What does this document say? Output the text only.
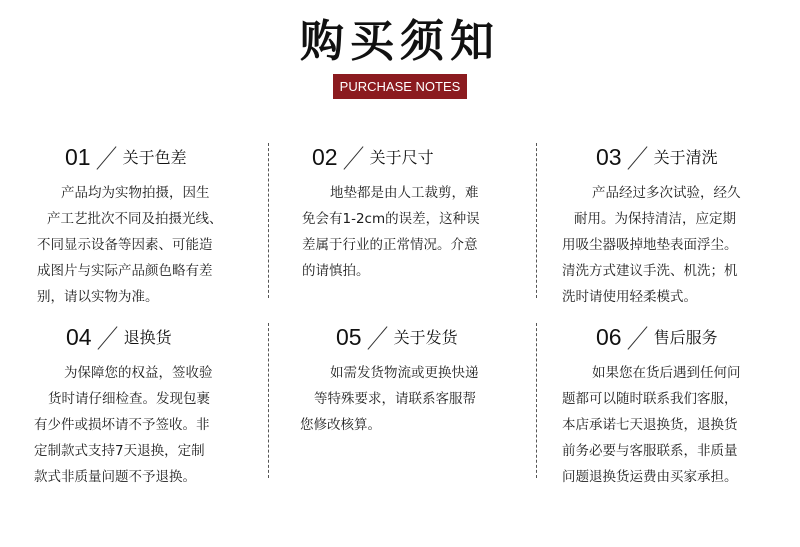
购买须知
PURCHASE NOTES
01 关于色差
产品均为实物拍摄，因生
产工艺批次不同及拍摄光线、
不同显示设备等因素、可能造
成图片与实际产品颜色略有差
别，请以实物为准。
02 关于尺寸
地垫都是由人工裁剪，难
免会有1-2cm的误差，这种误
差属于行业的正常情况。介意
的请慎拍。
03 关于清洗
产品经过多次试验，经久
耐用。为保持清洁，应定期
用吸尘器吸掉地垫表面浮尘。
清洗方式建议手洗、机洗；机
洗时请使用轻柔模式。
04 退换货
为保障您的权益，签收验
货时请仔细检查。发现包裹
有少件或损坏请不予签收。非
定制款式支持7天退换，定制
款式非质量问题不予退换。
05 关于发货
如需发货物流或更换快递
等特殊要求，请联系客服帮
您修改核算。
06 售后服务
如果您在货后遇到任何问
题都可以随时联系我们客服，
本店承诺七天退换货，退换货
前务必要与客服联系，非质量
问题退换货运费由买家承担。
